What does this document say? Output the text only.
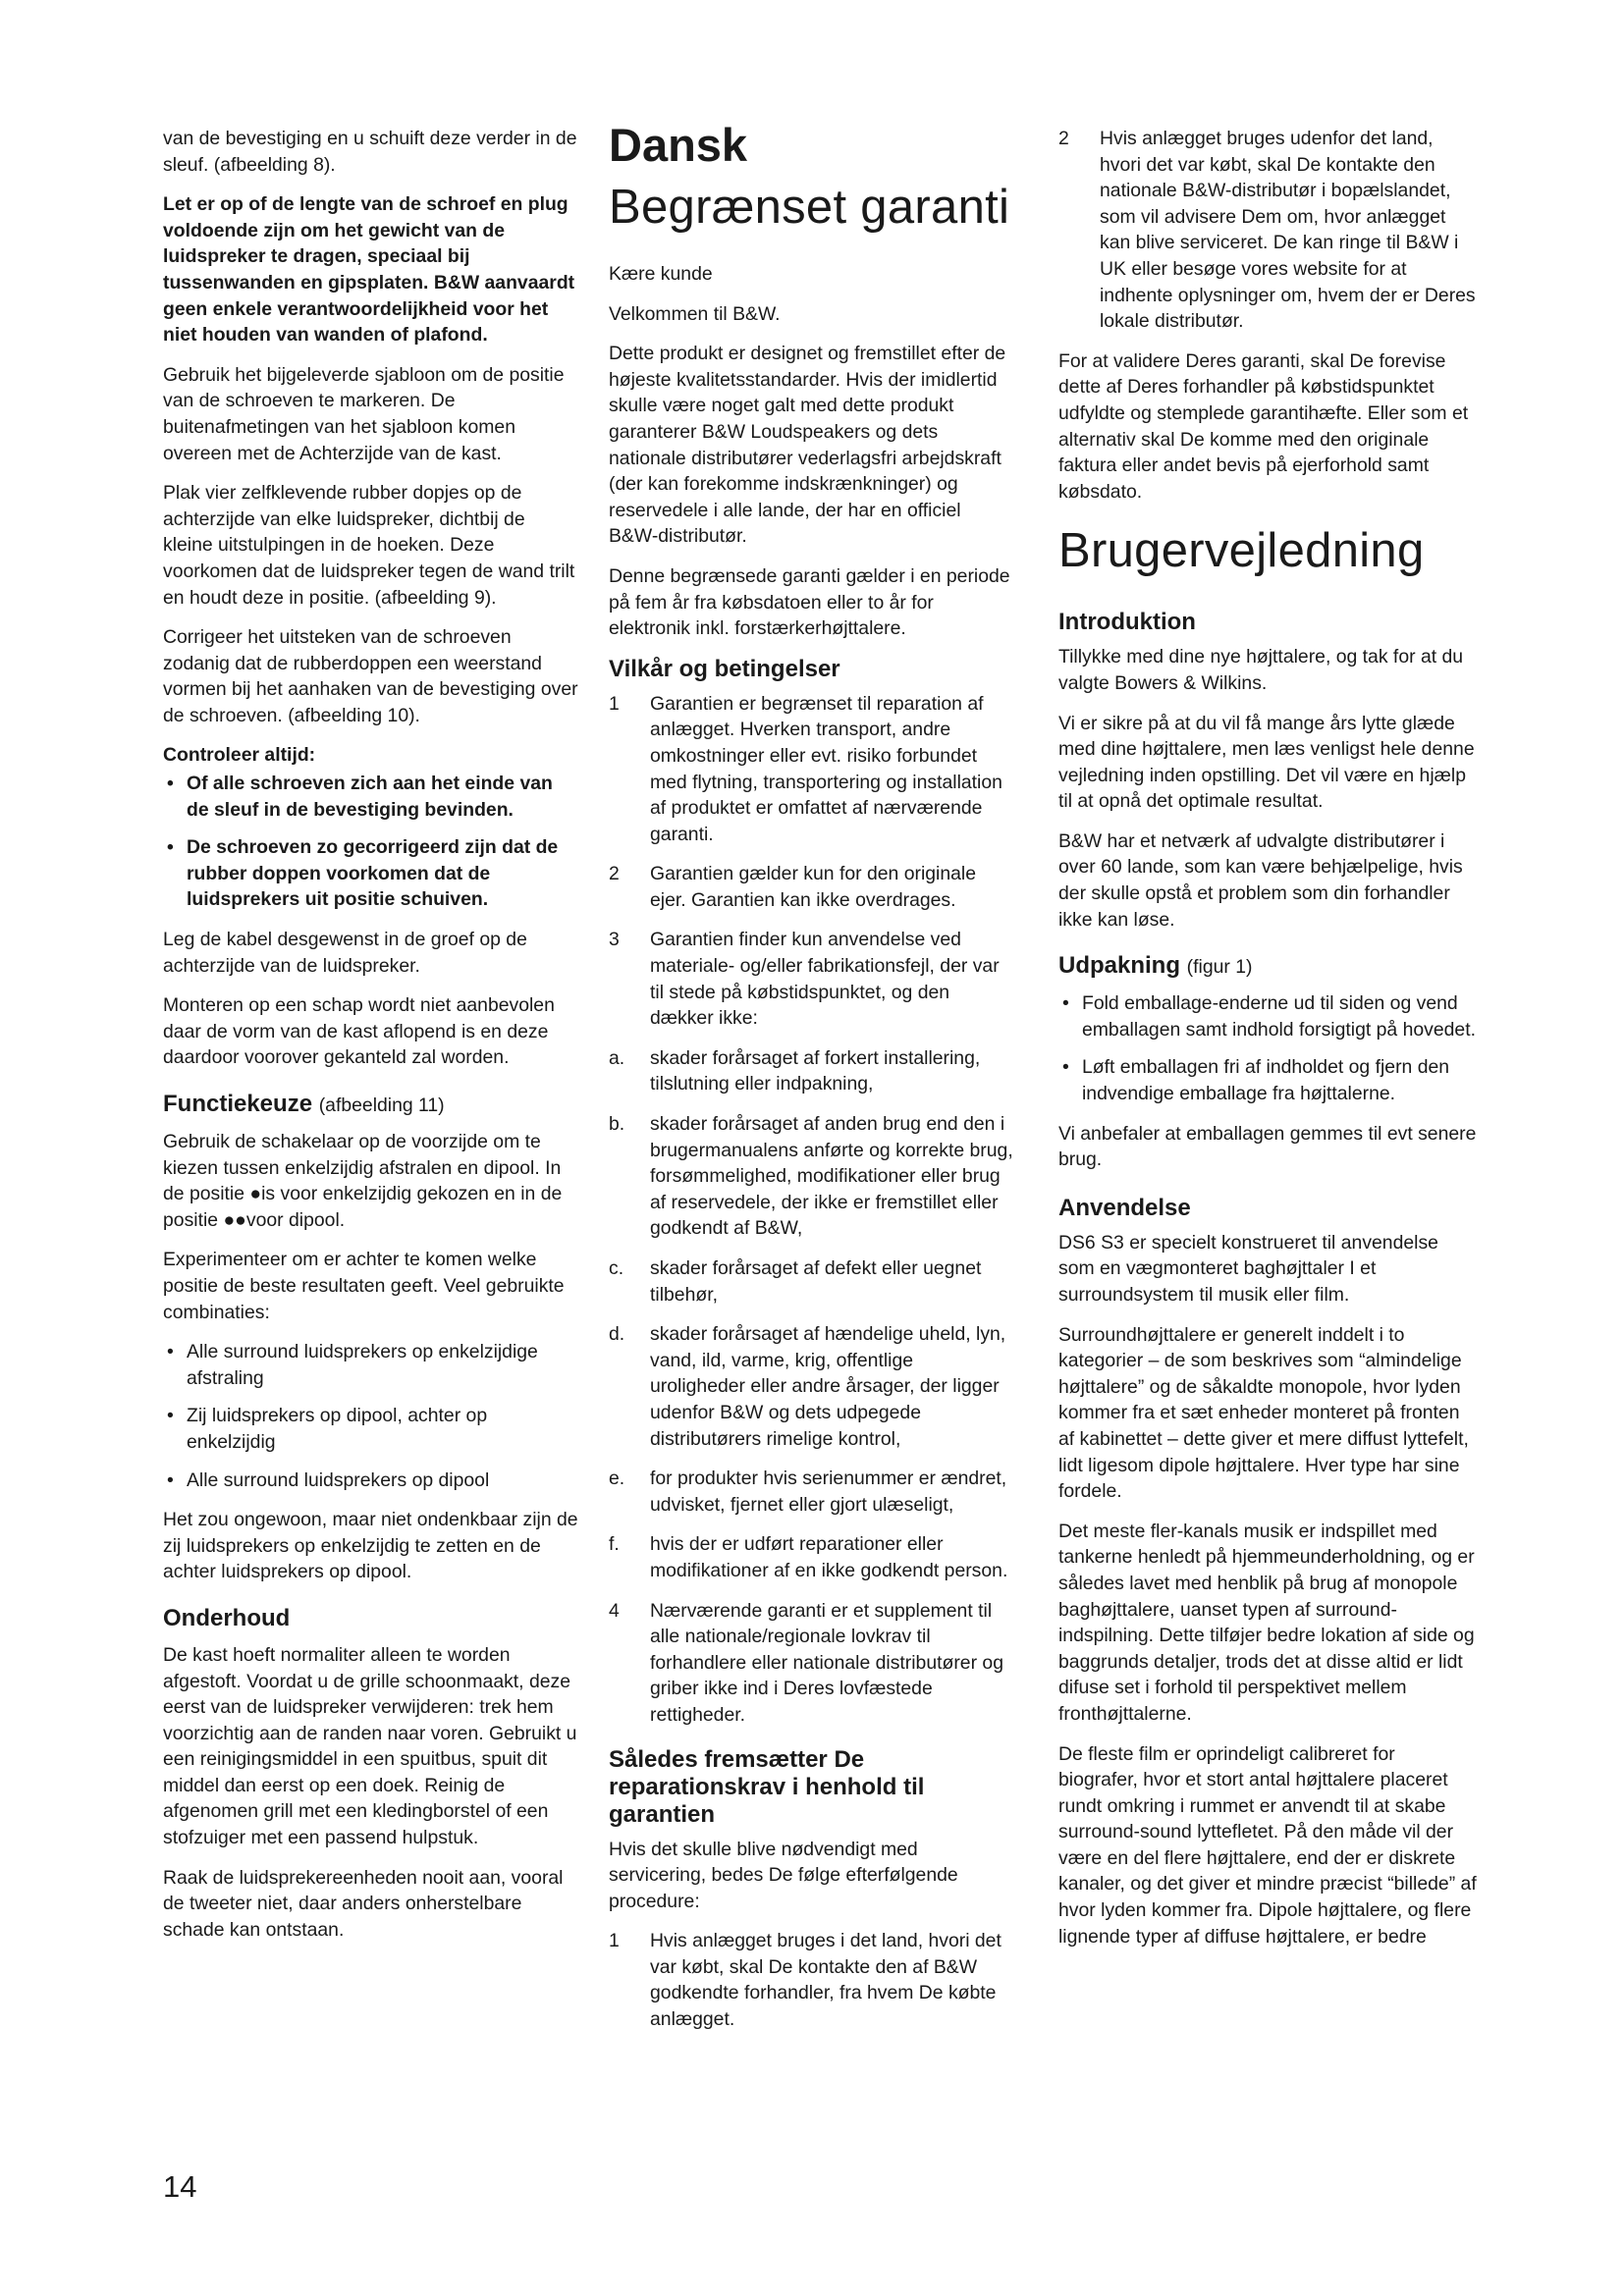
van de bevestiging en u schuift deze verder in de sleuf. (afbeelding 8).

Let er op of de lengte van de schroef en plug voldoende zijn om het gewicht van de luidspreker te dragen, speciaal bij tussenwanden en gipsplaten. B&W aanvaardt geen enkele verantwoordelijkheid voor het niet houden van wanden of plafond.

Gebruik het bijgeleverde sjabloon om de positie van de schroeven te markeren. De buitenafmetingen van het sjabloon komen overeen met de Achterzijde van de kast.

Plak vier zelfklevende rubber dopjes op de achterzijde van elke luidspreker, dichtbij de kleine uitstulpingen in de hoeken. Deze voorkomen dat de luidspreker tegen de wand trilt en houdt deze in positie. (afbeelding 9).

Corrigeer het uitsteken van de schroeven zodanig dat de rubberdoppen een weerstand vormen bij het aanhaken van de bevestiging over de schroeven. (afbeelding 10).

Controleer altijd:

• Of alle schroeven zich aan het einde van de sleuf in de bevestiging bevinden.
• De schroeven zo gecorrigeerd zijn dat de rubber doppen voorkomen dat de luidsprekers uit positie schuiven.

Leg de kabel desgewenst in de groef op de achterzijde van de luidspreker.

Monteren op een schap wordt niet aanbevolen daar de vorm van de kast aflopend is en deze daardoor voorover gekanteld zal worden.

Functiekeuze (afbeelding 11)

Gebruik de schakelaar op de voorzijde om te kiezen tussen enkelzijdig afstralen en dipool. In de positie ●is voor enkelzijdig gekozen en in de positie ●●voor dipool.

Experimenteer om er achter te komen welke positie de beste resultaten geeft. Veel gebruikte combinaties:

• Alle surround luidsprekers op enkelzijdige afstraling
• Zij luidsprekers op dipool, achter op enkelzijdig
• Alle surround luidsprekers op dipool

Het zou ongewoon, maar niet ondenkbaar zijn de zij luidsprekers op enkelzijdig te zetten en de achter luidsprekers op dipool.

Onderhoud

De kast hoeft normaliter alleen te worden afgestoft. Voordat u de grille schoonmaakt, deze eerst van de luidspreker verwijderen: trek hem voorzichtig aan de randen naar voren. Gebruikt u een reinigingsmiddel in een spuitbus, spuit dit middel dan eerst op een doek. Reinig de afgenomen grill met een kledingborstel of een stofzuiger met een passend hulpstuk.

Raak de luidsprekereenheden nooit aan, vooral de tweeter niet, daar anders onherstelbare schade kan ontstaan.

Dansk
Begrænset garanti

Kære kunde

Velkommen til B&W.

Dette produkt er designet og fremstillet efter de højeste kvalitetsstandarder. Hvis der imidlertid skulle være noget galt med dette produkt garanterer B&W Loudspeakers og dets nationale distributører vederlagsfri arbejdskraft (der kan forekomme indskrænkninger) og reservedele i alle lande, der har en officiel B&W-distributør.

Denne begrænsede garanti gælder i en periode på fem år fra købsdatoen eller to år for elektronik inkl. forstærkerhøjttalere.

Vilkår og betingelser

1 Garantien er begrænset til reparation af anlægget. Hverken transport, andre omkostninger eller evt. risiko forbundet med flytning, transportering og installation af produktet er omfattet af nærværende garanti.

2 Garantien gælder kun for den originale ejer. Garantien kan ikke overdrages.

3 Garantien finder kun anvendelse ved materiale- og/eller fabrikationsfejl, der var til stede på købstidspunktet, og den dækker ikke:

a. skader forårsaget af forkert installering, tilslutning eller indpakning,

b. skader forårsaget af anden brug end den i brugermanualens anførte og korrekte brug, forsømmelighed, modifikationer eller brug af reservedele, der ikke er fremstillet eller godkendt af B&W,

c. skader forårsaget af defekt eller uegnet tilbehør,

d. skader forårsaget af hændelige uheld, lyn, vand, ild, varme, krig, offentlige uroligheder eller andre årsager, der ligger udenfor B&W og dets udpegede distributørers rimelige kontrol,

e. for produkter hvis serienummer er ændret, udvisket, fjernet eller gjort ulæseligt,

f. hvis der er udført reparationer eller modifikationer af en ikke godkendt person.

4 Nærværende garanti er et supplement til alle nationale/regionale lovkrav til forhandlere eller nationale distributører og griber ikke ind i Deres lovfæstede rettigheder.

Således fremsætter De reparationskrav i henhold til garantien

Hvis det skulle blive nødvendigt med servicering, bedes De følge efterfølgende procedure:

1 Hvis anlægget bruges i det land, hvori det var købt, skal De kontakte den af B&W godkendte forhandler, fra hvem De købte anlægget.

2 Hvis anlægget bruges udenfor det land, hvori det var købt, skal De kontakte den nationale B&W-distributør i bopælslandet, som vil advisere Dem om, hvor anlægget kan blive serviceret. De kan ringe til B&W i UK eller besøge vores website for at indhente oplysninger om, hvem der er Deres lokale distributør.

For at validere Deres garanti, skal De forevise dette af Deres forhandler på købstidspunktet udfyldte og stemplede garantihæfte. Eller som et alternativ skal De komme med den originale faktura eller andet bevis på ejerforhold samt købsdato.

Brugervejledning
Introduktion

Tillykke med dine nye højttalere, og tak for at du valgte Bowers & Wilkins.

Vi er sikre på at du vil få mange års lytte glæde med dine højttalere, men læs venligst hele denne vejledning inden opstilling. Det vil være en hjælp til at opnå det optimale resultat.

B&W har et netværk af udvalgte distributører i over 60 lande, som kan være behjælpelige, hvis der skulle opstå et problem som din forhandler ikke kan løse.

Udpakning (figur 1)
• Fold emballage-enderne ud til siden og vend emballagen samt indhold forsigtigt på hovedet.
• Løft emballagen fri af indholdet og fjern den indvendige emballage fra højttalerne.

Vi anbefaler at emballagen gemmes til evt senere brug.

Anvendelse

DS6 S3 er specielt konstrueret til anvendelse som en vægmonteret baghøjttaler I et surroundsystem til musik eller film.

Surroundhøjttalere er generelt inddelt i to kategorier – de som beskrives som “almindelige højttalere” og de såkaldte monopole, hvor lyden kommer fra et sæt enheder monteret på fronten af kabinettet – dette giver et mere diffust lyttefelt, lidt ligesom dipole højttalere. Hver type har sine fordele.

Det meste fler-kanals musik er indspillet med tankerne henledt på hjemmeunderholdning, og er således lavet med henblik på brug af monopole baghøjttalere, uanset typen af surround-indspilning. Dette tilføjer bedre lokation af side og baggrunds detaljer, trods det at disse altid er lidt difuse set i forhold til perspektivet mellem fronthøjttalerne.

De fleste film er oprindeligt calibreret for biografer, hvor et stort antal højttalere placeret rundt omkring i rummet er anvendt til at skabe surround-sound lyttefletet. På den måde vil der være en del flere højttalere, end der er diskrete kanaler, og det giver et mindre præcist “billede” af hvor lyden kommer fra. Dipole højttalere, og flere lignende typer af diffuse højttalere, er bedre

14
